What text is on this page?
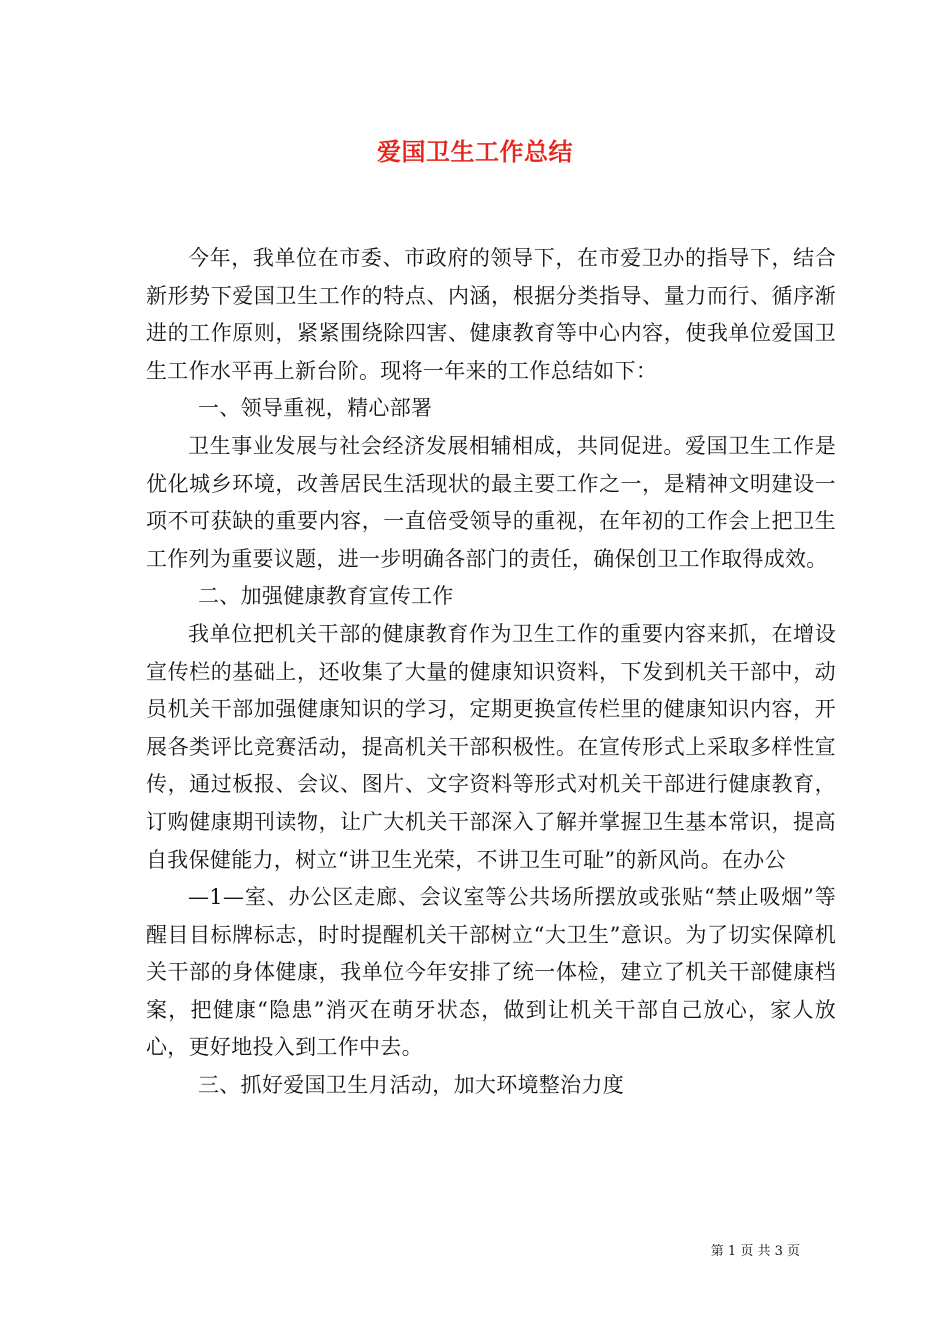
爱国卫生工作总结

今年，我单位在市委、市政府的领导下，在市爱卫办的指导下，结合新形势下爱国卫生工作的特点、内涵，根据分类指导、量力而行、循序渐进的工作原则，紧紧围绕除四害、健康教育等中心内容，使我单位爱国卫生工作水平再上新台阶。现将一年来的工作总结如下：

一、领导重视，精心部署

卫生事业发展与社会经济发展相辅相成，共同促进。爱国卫生工作是优化城乡环境，改善居民生活现状的最主要工作之一，是精神文明建设一项不可获缺的重要内容，一直倍受领导的重视，在年初的工作会上把卫生工作列为重要议题，进一步明确各部门的责任，确保创卫工作取得成效。

二、加强健康教育宣传工作

我单位把机关干部的健康教育作为卫生工作的重要内容来抓，在增设宣传栏的基础上，还收集了大量的健康知识资料，下发到机关干部中，动员机关干部加强健康知识的学习，定期更换宣传栏里的健康知识内容，开展各类评比竞赛活动，提高机关干部积极性。在宣传形式上采取多样性宣传，通过板报、会议、图片、文字资料等形式对机关干部进行健康教育，订购健康期刊读物，让广大机关干部深入了解并掌握卫生基本常识，提高自我保健能力，树立“讲卫生光荣，不讲卫生可耻”的新风尚。在办公

—1—室、办公区走廊、会议室等公共场所摆放或张贴“禁止吸烟”等醒目目标牌标志，时时提醒机关干部树立“大卫生”意识。为了切实保障机关干部的身体健康，我单位今年安排了统一体检，建立了机关干部健康档案，把健康“隐患”消灭在萌牙状态，做到让机关干部自己放心，家人放心，更好地投入到工作中去。

三、抓好爱国卫生月活动，加大环境整治力度

第 1 页 共 3 页
